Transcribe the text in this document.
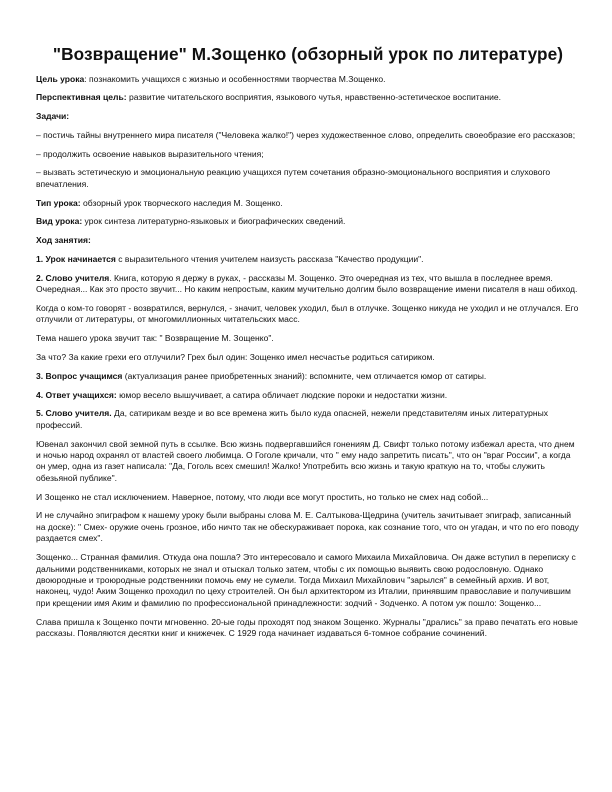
"Возвращение" М.Зощенко (обзорный урок по литературе)

Цель урока: познакомить учащихся с жизнью и особенностями творчества М.Зощенко.

Перспективная цель: развитие читательского восприятия, языкового чутья, нравственно-эстетическое воспитание.

Задачи:

– постичь тайны внутреннего мира писателя ("Человека жалко!") через художественное слово, определить своеобразие его рассказов;

– продолжить освоение навыков выразительного чтения;

– вызвать эстетическую и эмоциональную реакцию учащихся путем сочетания образно-эмоционального восприятия и слухового впечатления.

Тип урока: обзорный урок творческого наследия М. Зощенко.

Вид урока: урок синтеза литературно-языковых и биографических сведений.

Ход занятия:

1. Урок начинается с выразительного чтения учителем наизусть рассказа "Качество продукции".

2. Слово учителя. Книга, которую я держу в руках, - рассказы М. Зощенко. Это очередная из тех, что вышла в последнее время. Очередная... Как это просто звучит... Но каким непростым, каким мучительно долгим было возвращение имени писателя в наш обиход.

Когда о ком-то говорят - возвратился, вернулся, - значит, человек уходил, был в отлучке. Зощенко никуда не уходил и не отлучался. Его отлучили от литературы, от многомиллионных читательских масс.

Тема нашего урока звучит так: " Возвращение М. Зощенко".

За что? За какие грехи его отлучили? Грех был один: Зощенко имел несчастье родиться сатириком.

3. Вопрос учащимся (актуализация ранее приобретенных знаний): вспомните, чем отличается юмор от сатиры.

4. Ответ учащихся: юмор весело вышучивает, а сатира обличает людские пороки и недостатки жизни.

5. Слово учителя. Да, сатирикам везде и во все времена жить было куда опасней, нежели представителям иных литературных профессий.

Ювенал закончил свой земной путь в ссылке. Всю жизнь подвергавшийся гонениям Д. Свифт только потому избежал ареста, что днем и ночью народ охранял от властей своего любимца. О Гоголе кричали, что " ему надо запретить писать", что он "враг России", а когда он умер, одна из газет написала: "Да, Гоголь всех смешил! Жалко! Употребить всю жизнь и такую краткую на то, чтобы служить обезьяной публике".

И Зощенко не стал исключением. Наверное, потому, что люди все могут простить, но только не смех над собой...

И не случайно эпиграфом к нашему уроку были выбраны слова М. Е. Салтыкова-Щедрина (учитель зачитывает эпиграф, записанный на доске): " Смех- оружие очень грозное, ибо ничто так не обескураживает порока, как сознание того, что он угадан, и что по его поводу раздается смех".

Зощенко... Странная фамилия. Откуда она пошла? Это интересовало и самого Михаила Михайловича. Он даже вступил в переписку с дальними родственниками, которых не знал и отыскал только затем, чтобы с их помощью выявить свою родословную. Однако двоюродные и троюродные родственники помочь ему не сумели. Тогда Михаил Михайлович "зарылся" в семейный архив. И вот, наконец, чудо! Аким Зощенко проходил по цеху строителей. Он был архитектором из Италии, принявшим православие и получившим при крещении имя Аким и фамилию по профессиональной принадлежности: зодчий - Зодченко. А потом уж пошло: Зощенко...

Слава пришла к Зощенко почти мгновенно. 20-ые годы проходят под знаком Зощенко. Журналы "дрались" за право печатать его новые рассказы. Появляются десятки книг и книжечек. С 1929 года начинает издаваться 6-томное собрание сочинений.
